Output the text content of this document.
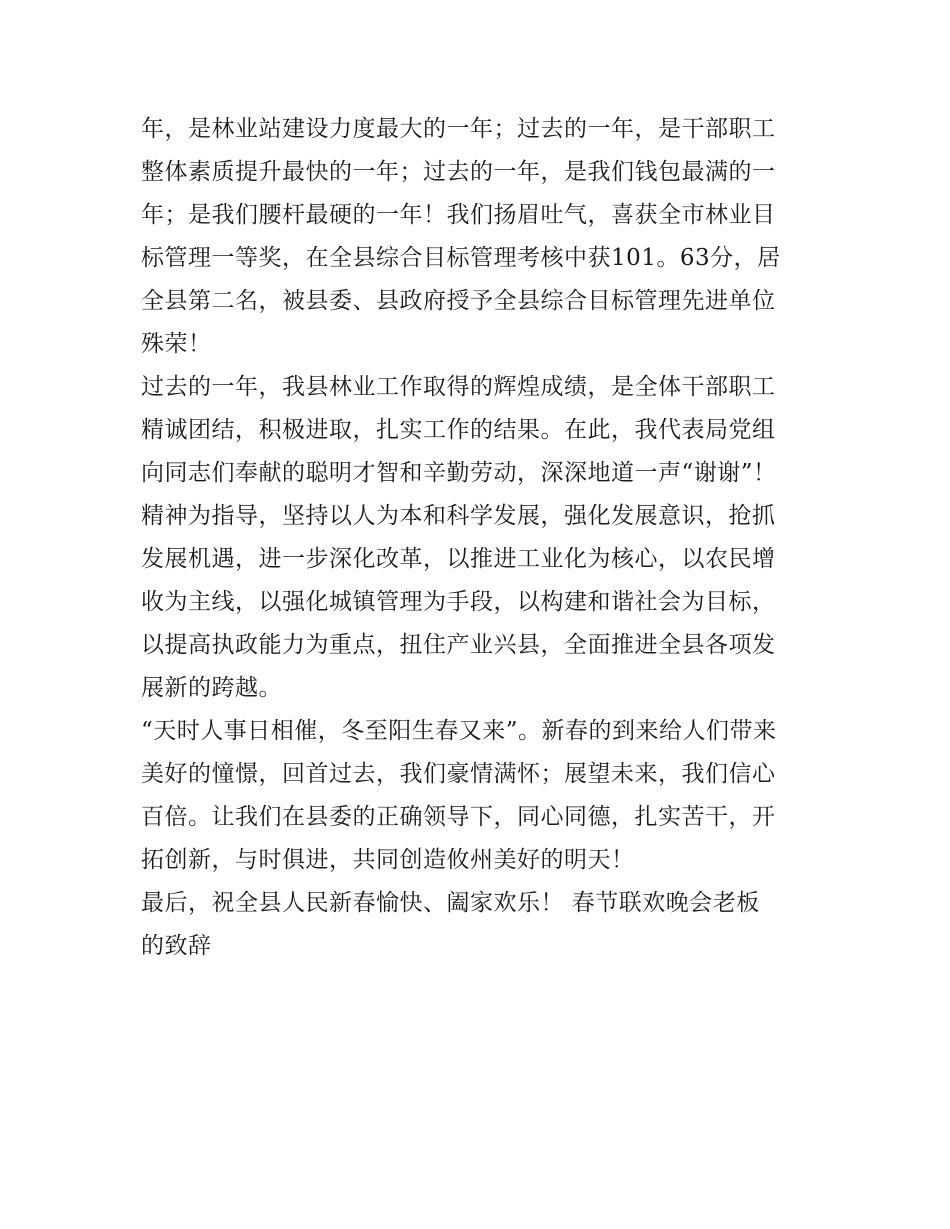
年，是林业站建设力度最大的一年；过去的一年，是干部职工
整体素质提升最快的一年；过去的一年，是我们钱包最满的一
年；是我们腰杆最硬的一年！我们扬眉吐气，喜获全市林业目
标管理一等奖，在全县综合目标管理考核中获101。63分，居
全县第二名，被县委、县政府授予全县综合目标管理先进单位
殊荣！

过去的一年，我县林业工作取得的辉煌成绩，是全体干部职工
精诚团结，积极进取，扎实工作的结果。在此，我代表局党组
向同志们奉献的聪明才智和辛勤劳动，深深地道一声“谢谢”！
精神为指导，坚持以人为本和科学发展，强化发展意识，抢抓
发展机遇，进一步深化改革，以推进工业化为核心，以农民增
收为主线，以强化城镇管理为手段，以构建和谐社会为目标，
以提高执政能力为重点，扭住产业兴县，全面推进全县各项发
展新的跨越。

“天时人事日相催，冬至阳生春又来”。新春的到来给人们带来
美好的憧憬，回首过去，我们豪情满怀；展望未来，我们信心
百倍。让我们在县委的正确领导下，同心同德，扎实苦干，开
拓创新，与时俱进，共同创造攸州美好的明天！

最后，祝全县人民新春愉快、阖家欢乐！ 春节联欢晚会老板
的致辞
